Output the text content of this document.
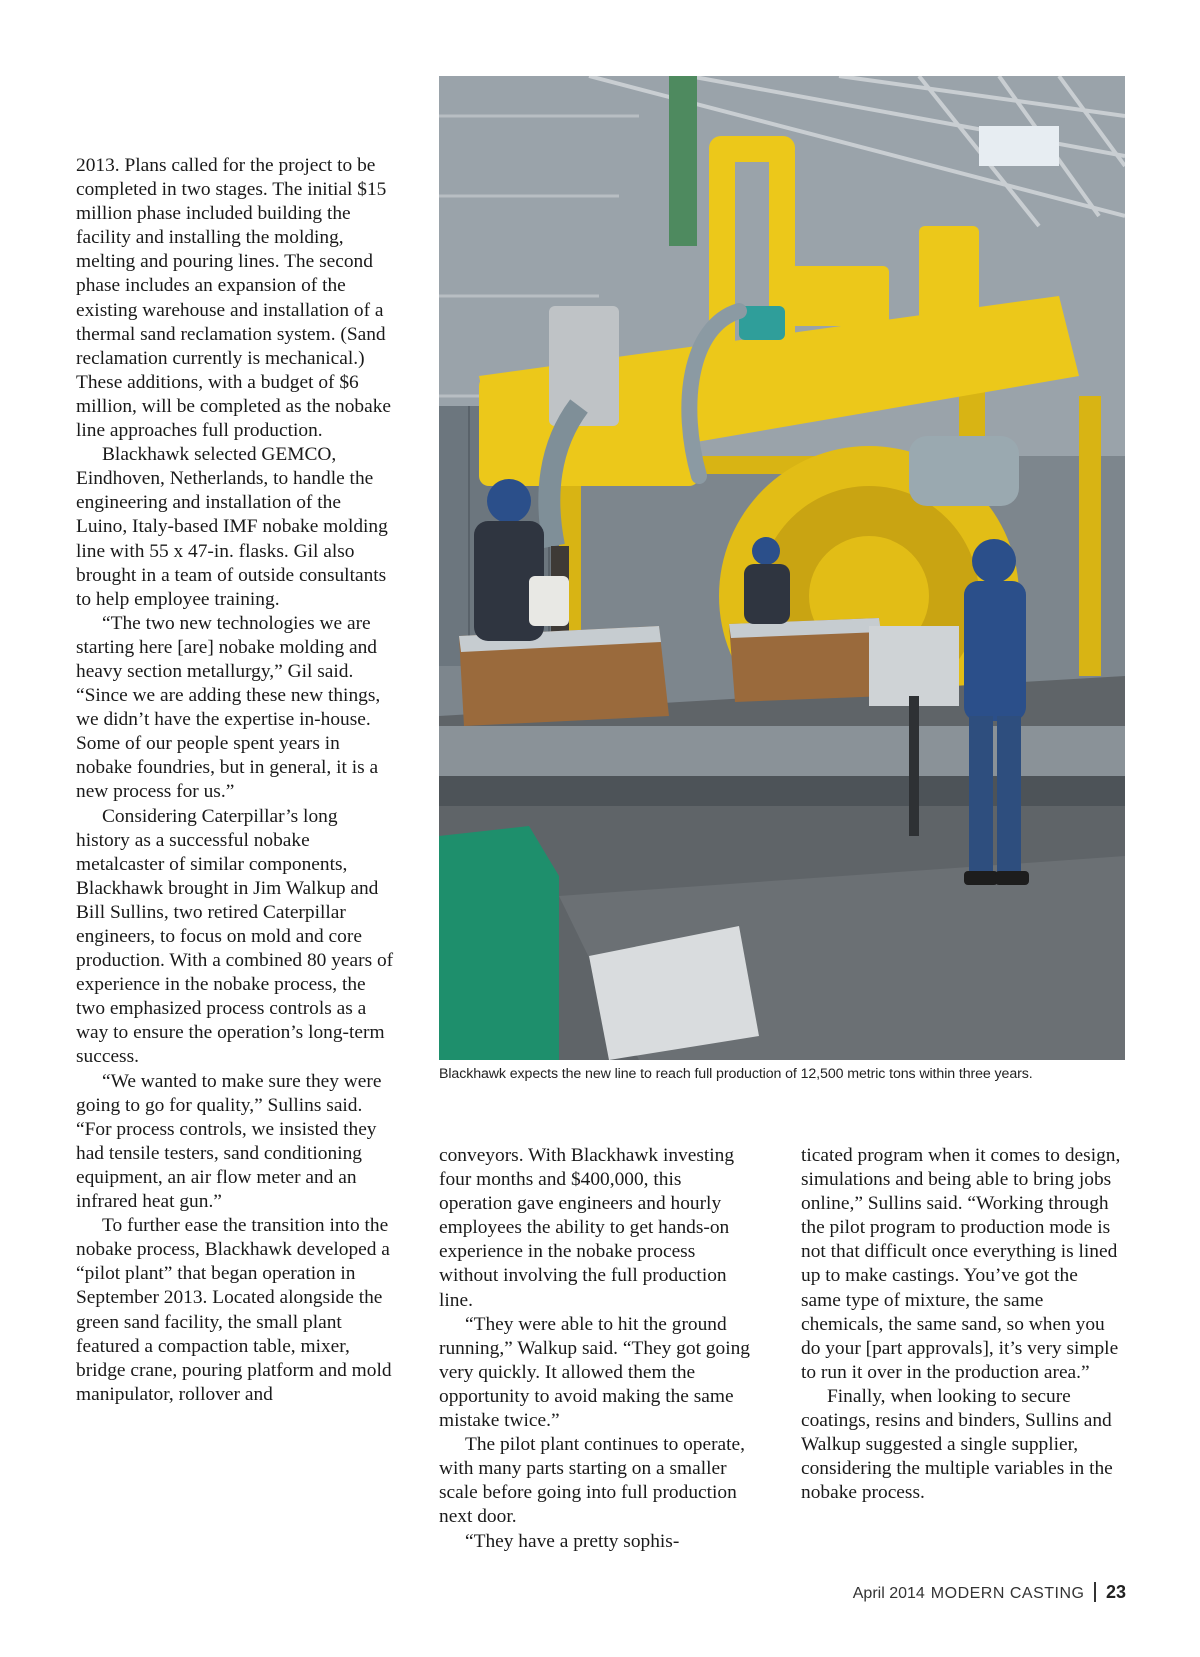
2013. Plans called for the project to be completed in two stages. The initial $15 million phase included building the facility and installing the molding, melting and pouring lines. The second phase includes an expansion of the existing warehouse and installation of a thermal sand reclamation system. (Sand reclamation currently is mechanical.) These additions, with a budget of $6 million, will be completed as the nobake line approaches full production.

Blackhawk selected GEMCO, Eindhoven, Netherlands, to handle the engineering and installation of the Luino, Italy-based IMF nobake molding line with 55 x 47-in. flasks. Gil also brought in a team of outside consultants to help employee training.

“The two new technologies we are starting here [are] nobake molding and heavy section metallurgy,” Gil said. “Since we are adding these new things, we didn’t have the expertise in-house. Some of our people spent years in nobake foundries, but in general, it is a new process for us.”

Considering Caterpillar’s long history as a successful nobake metalcaster of similar components, Blackhawk brought in Jim Walkup and Bill Sullins, two retired Caterpillar engineers, to focus on mold and core production. With a combined 80 years of experience in the nobake process, the two emphasized process controls as a way to ensure the operation’s long-term success.

“We wanted to make sure they were going to go for quality,” Sullins said. “For process controls, we insisted they had tensile testers, sand conditioning equipment, an air flow meter and an infrared heat gun.”

To further ease the transition into the nobake process, Blackhawk developed a “pilot plant” that began operation in September 2013. Located alongside the green sand facility, the small plant featured a compaction table, mixer, bridge crane, pouring platform and mold manipulator, rollover and

Blackhawk expects the new line to reach full production of 12,500 metric tons within three years.

conveyors. With Blackhawk investing four months and $400,000, this operation gave engineers and hourly employees the ability to get hands-on experience in the nobake process without involving the full production line.

“They were able to hit the ground running,” Walkup said. “They got going very quickly. It allowed them the opportunity to avoid making the same mistake twice.”

The pilot plant continues to operate, with many parts starting on a smaller scale before going into full production next door.

“They have a pretty sophis-

ticated program when it comes to design, simulations and being able to bring jobs online,” Sullins said. “Working through the pilot program to production mode is not that difficult once everything is lined up to make castings. You’ve got the same type of mixture, the same chemicals, the same sand, so when you do your [part approvals], it’s very simple to run it over in the production area.”

Finally, when looking to secure coatings, resins and binders, Sullins and Walkup suggested a single supplier, considering the multiple variables in the nobake process.

April 2014 MODERN CASTING 23
